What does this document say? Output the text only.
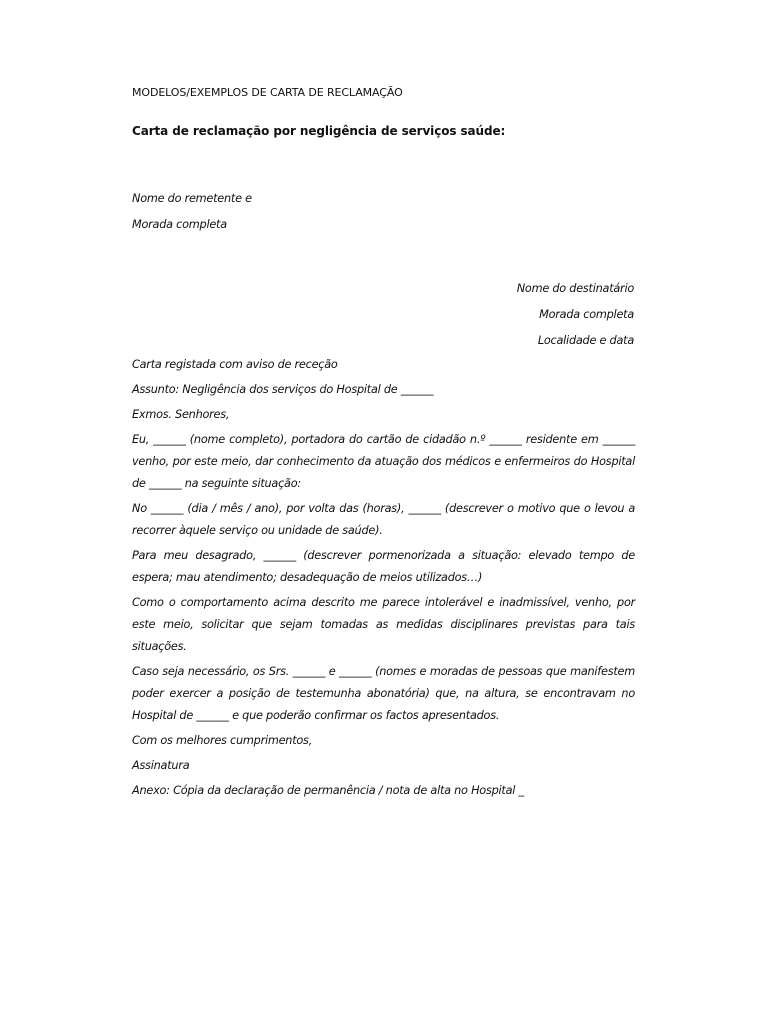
MODELOS/EXEMPLOS DE CARTA DE RECLAMAÇÃO
Carta de reclamação por negligência de serviços saúde:
Nome do remetente e
Morada completa
Nome do destinatário
Morada completa
Localidade e data

Carta registada com aviso de receção

Assunto: Negligência dos serviços do Hospital de ______

Exmos. Senhores,

Eu, ______ (nome completo), portadora do cartão de cidadão n.º ______ residente em ______ venho, por este meio, dar conhecimento da atuação dos médicos e enfermeiros do Hospital de ______ na seguinte situação:

No ______ (dia / mês / ano), por volta das (horas), ______ (descrever o motivo que o levou a recorrer àquele serviço ou unidade de saúde).

Para meu desagrado, ______ (descrever pormenorizada a situação: elevado tempo de espera; mau atendimento; desadequação de meios utilizados…)

Como o comportamento acima descrito me parece intolerável e inadmissível, venho, por este meio, solicitar que sejam tomadas as medidas disciplinares previstas para tais situações.

Caso seja necessário, os Srs. ______ e ______ (nomes e moradas de pessoas que manifestem poder exercer a posição de testemunha abonatória) que, na altura, se encontravam no Hospital de ______ e que poderão confirmar os factos apresentados.

Com os melhores cumprimentos,

Assinatura

Anexo: Cópia da declaração de permanência / nota de alta no Hospital _
